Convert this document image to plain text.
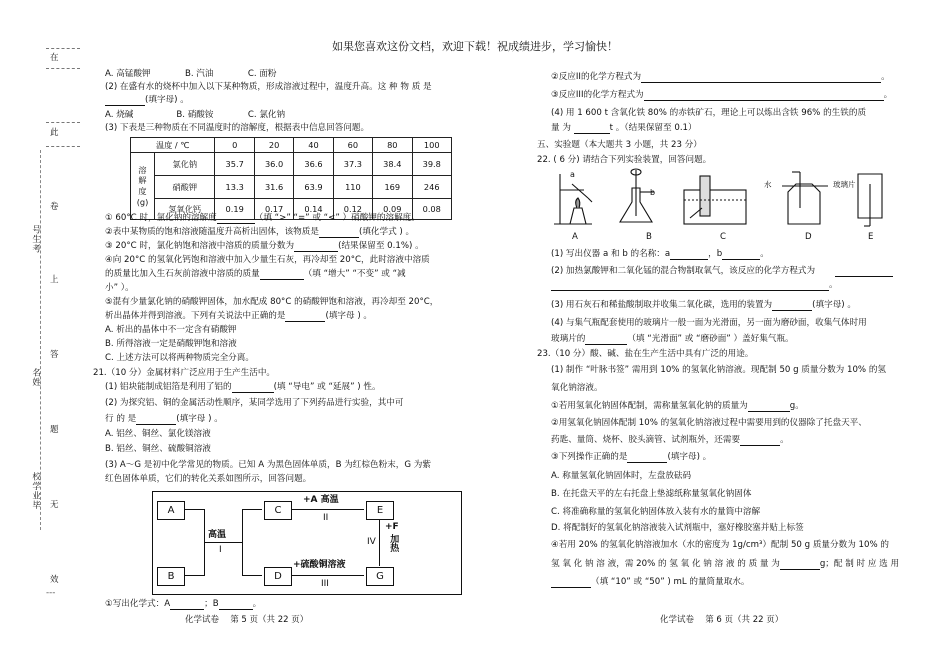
如果您喜欢这份文档，欢迎下载！祝成绩进步，学习愉快！
在
此
卷
号生考
上
答
名姓
题
校学业毕 无
效
---
A. 高锰酸钾　　　　B. 汽油　　　　C. 面粉
(2) 在盛有水的烧杯中加入以下某种物质，形成溶液过程中，温度升高。这 种 物 质 是
(填字母) 。
A. 烧碱　　　　　B. 硝酸铵　　　　C. 氯化钠
(3) 下表是三种物质在不同温度时的溶解度，根据表中信息回答问题。
温度 / ℃		0	20	40	60	80	100
溶
解
度
(g)	氯化钠	35.7	36.0	36.6	37.3	38.4	39.8
	硝酸钾	13.3	31.6	63.9	110	169	246
	氢氧化钙	0.19	0.17	0.14	0.12	0.09	0.08
① 60°C 时，氯化钠的溶解度	（填 “>” “=” 或 “<” ）硝酸钾的溶解度。
②表中某物质的饱和溶液随温度升高析出固体，该物质是	(填化学式 ) 。
③ 20°C 时，氯化钠饱和溶液中溶质的质量分数为	(结果保留至 0.1%) 。
④向 20°C 的氢氧化钙饱和溶液中加入少量生石灰，再冷却至 20°C，此时溶液中溶质
的质量比加入生石灰前溶液中溶质的质量	（填 “增大” “不变” 或 “减
小” ）。
⑤混有少量氯化钠的硝酸钾固体，加水配成 80°C 的硝酸钾饱和溶液，再冷却至 20°C，
析出晶体并得到溶液。下列有关说法中正确的是	(填字母 ) 。
A. 析出的晶体中不一定含有硝酸钾
B. 所得溶液一定是硝酸钾饱和溶液
C. 上述方法可以将两种物质完全分离。
21.（10 分）金属材料广泛应用于生产生活中。
(1) 铝块能制成铝箔是利用了铝的	(填 “导电” 或 “延展” ) 性。
(2) 为探究铝、铜的金属活动性顺序，某同学选用了下列药品进行实验，其中可
行 的 是	(填字母 ) 。
A. 铝丝、铜丝、氯化镁溶液
B. 铝丝、铜丝、硫酸铜溶液
(3) A～G 是初中化学常见的物质。已知 A 为黑色固体单质，B 为红棕色粉末，G 为紫
红色固体单质，它们的转化关系如图所示，回答问题。
A
B
C
D
E
G
高温
I
+A 高温
II
+硫酸铜溶液
III
+F
加热
IV
①写出化学式：A	；B	。
化学试卷　 第 5 页（共 22 页）
②反应II的化学方程式为	。
③反应III的化学方程式为	。
(4) 用 1 600 t 含氧化铁 80% 的赤铁矿石，理论上可以炼出含铁 96% 的生铁的质
量 为	t 。（结果保留至 0.1）
五、实验题（本大题共 3 小题，共 23 分）
22. ( 6 分) 请结合下列实验装置，回答问题。
a
b
水	玻璃片
A	B	C	D	E
(1) 写出仪器 a 和 b 的名称：a	，b	。
(2) 加热氯酸钾和二氧化锰的混合物制取氧气，该反应的化学方程式为
。
(3) 用石灰石和稀盐酸制取并收集二氧化碳，选用的装置为	(填字母) 。
(4) 与集气瓶配套使用的玻璃片一般一面为光滑面，另一面为磨砂面，收集气体时用
玻璃片的	（填 “光滑面” 或 “磨砂面” ）盖好集气瓶。
23.（10 分）酸、碱、盐在生产生活中具有广泛的用途。
(1) 制作 “叶脉书签” 需用到 10% 的氢氧化钠溶液。现配制 50 g 质量分数为 10% 的氢
氧化钠溶液。
①若用氢氧化钠固体配制，需称量氢氧化钠的质量为	g。
②用氢氧化钠固体配制 10% 的氢氧化钠溶液过程中需要用到的仪器除了托盘天平、
药匙、量筒、烧杯、胶头滴管、试剂瓶外，还需要	。
③下列操作正确的是	(填字母) 。
A. 称量氢氧化钠固体时，左盘放砝码
B. 在托盘天平的左右托盘上垫滤纸称量氢氧化钠固体
C. 将准确称量的氢氧化钠固体放入装有水的量筒中溶解
D. 将配制好的氢氧化钠溶液装入试剂瓶中，塞好橡胶塞并贴上标签
④若用 20% 的氢氧化钠溶液加水（水的密度为 1g/cm³）配制 50 g 质量分数为 10% 的
氢 氧 化 钠 溶 液，需 20% 的 氢 氧 化 钠 溶 液 的 质 量 为	g；配 制 时 应 选 用
（填 “10” 或 “50” ) mL 的量筒量取水。
化学试卷　 第 6 页（共 22 页）
